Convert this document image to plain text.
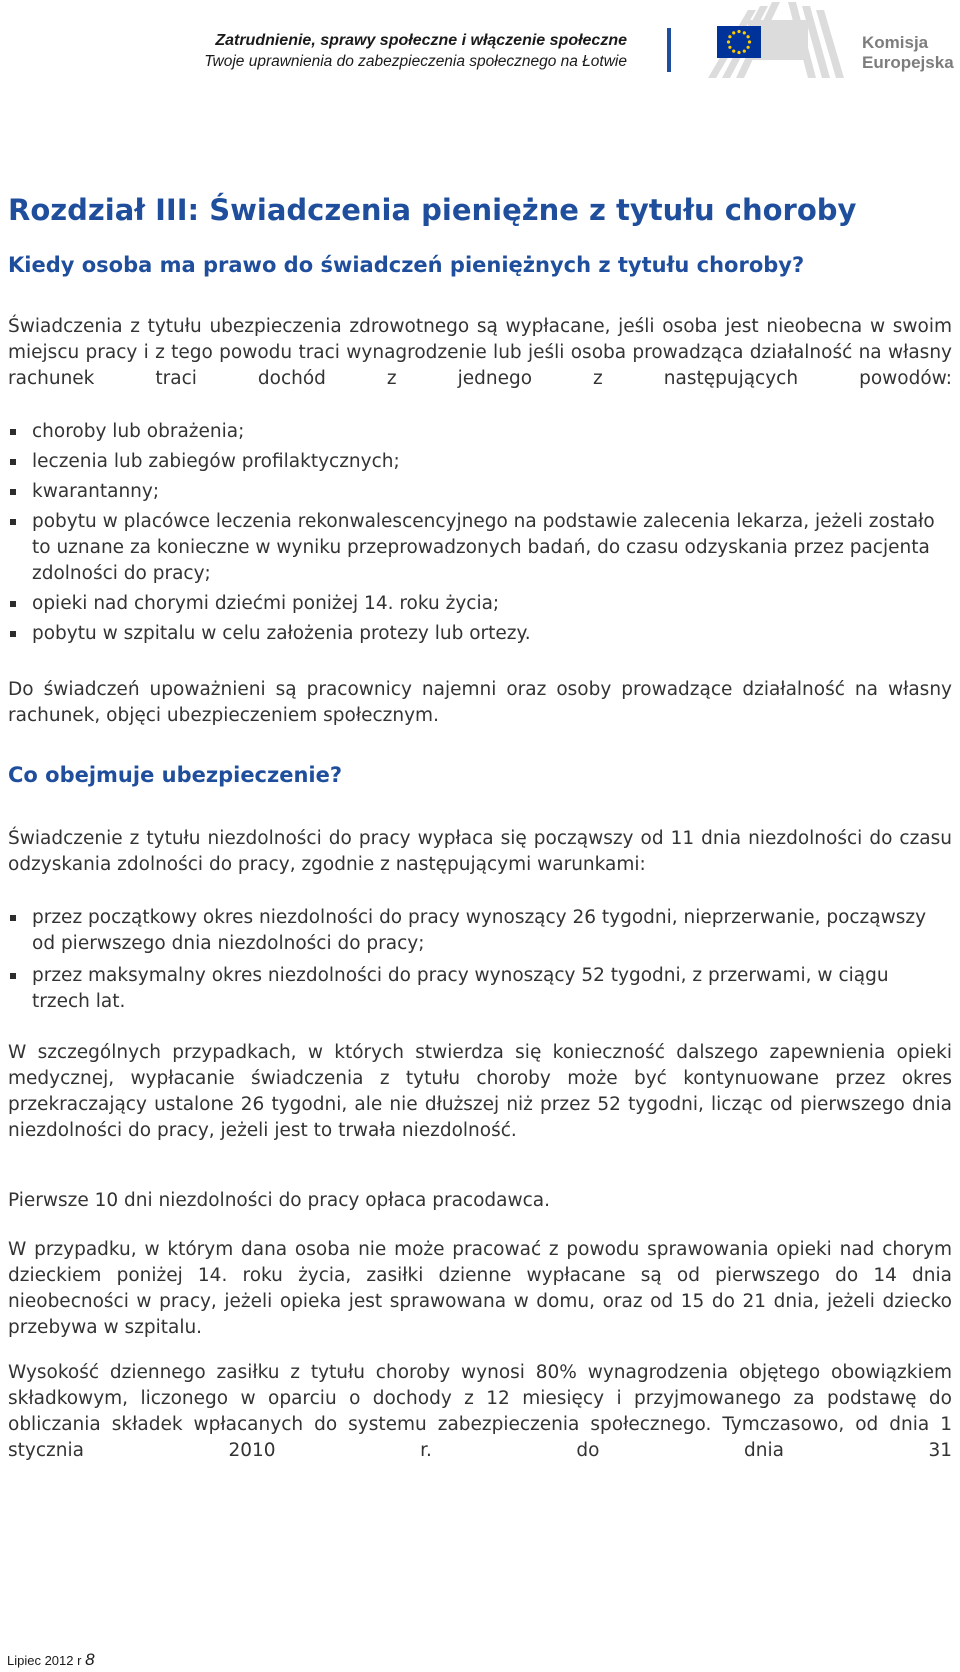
Zatrudnienie, sprawy społeczne i włączenie społeczne
Twoje uprawnienia do zabezpieczenia społecznego na Łotwie
Komisja
Europejska
Rozdział III: Świadczenia pieniężne z tytułu choroby
Kiedy osoba ma prawo do świadczeń pieniężnych z tytułu choroby?
Świadczenia z tytułu ubezpieczenia zdrowotnego są wypłacane, jeśli osoba jest nieobecna w swoim miejscu pracy i z tego powodu traci wynagrodzenie lub jeśli osoba prowadząca działalność na własny rachunek traci dochód z jednego z następujących powodów:
choroby lub obrażenia;
leczenia lub zabiegów profilaktycznych;
kwarantanny;
pobytu w placówce leczenia rekonwalescencyjnego na podstawie zalecenia lekarza, jeżeli zostało to uznane za konieczne w wyniku przeprowadzonych badań, do czasu odzyskania przez pacjenta zdolności do pracy;
opieki nad chorymi dziećmi poniżej 14. roku życia;
pobytu w szpitalu w celu założenia protezy lub ortezy.
Do świadczeń upoważnieni są pracownicy najemni oraz osoby prowadzące działalność na własny rachunek, objęci ubezpieczeniem społecznym.
Co obejmuje ubezpieczenie?
Świadczenie z tytułu niezdolności do pracy wypłaca się począwszy od 11 dnia niezdolności do czasu odzyskania zdolności do pracy, zgodnie z następującymi warunkami:
przez początkowy okres niezdolności do pracy wynoszący 26 tygodni, nieprzerwanie, począwszy od pierwszego dnia niezdolności do pracy;
przez maksymalny okres niezdolności do pracy wynoszący 52 tygodni, z przerwami, w ciągu trzech lat.
W szczególnych przypadkach, w których stwierdza się konieczność dalszego zapewnienia opieki medycznej, wypłacanie świadczenia z tytułu choroby może być kontynuowane przez okres przekraczający ustalone 26 tygodni, ale nie dłuższej niż przez 52 tygodni, licząc od pierwszego dnia niezdolności do pracy, jeżeli jest to trwała niezdolność.
Pierwsze 10 dni niezdolności do pracy opłaca pracodawca.
W przypadku, w którym dana osoba nie może pracować z powodu sprawowania opieki nad chorym dzieckiem poniżej 14. roku życia, zasiłki dzienne wypłacane są od pierwszego do 14 dnia nieobecności w pracy, jeżeli opieka jest sprawowana w domu, oraz od 15 do 21 dnia, jeżeli dziecko przebywa w szpitalu.
Wysokość dziennego zasiłku z tytułu choroby wynosi 80% wynagrodzenia objętego obowiązkiem składkowym, liczonego w oparciu o dochody z 12 miesięcy i przyjmowanego za podstawę do obliczania składek wpłacanych do systemu zabezpieczenia społecznego. Tymczasowo, od dnia 1 stycznia 2010 r. do dnia 31
Lipiec 2012 r 8
